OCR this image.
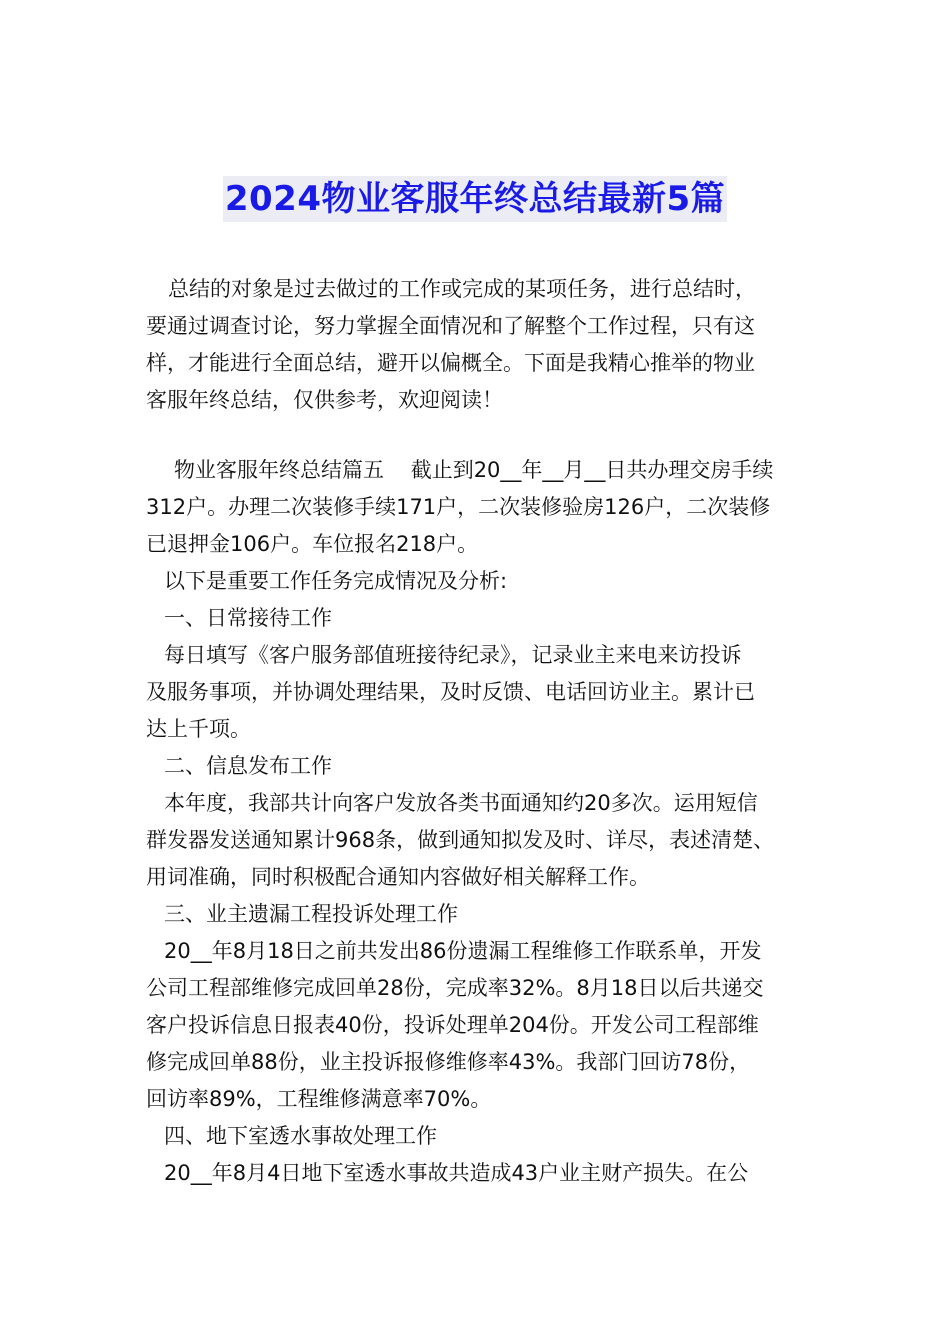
2024物业客服年终总结最新5篇
总结的对象是过去做过的工作或完成的某项任务，进行总结时，
要通过调查讨论，努力掌握全面情况和了解整个工作过程，只有这
样，才能进行全面总结，避开以偏概全。下面是我精心推举的物业
客服年终总结，仅供参考，欢迎阅读！
物业客服年终总结篇五    截止到20__年__月__日共办理交房手续
312户。办理二次装修手续171户，二次装修验房126户，二次装修
已退押金106户。车位报名218户。
以下是重要工作任务完成情况及分析:
一、日常接待工作
每日填写《客户服务部值班接待纪录》，记录业主来电来访投诉
及服务事项，并协调处理结果，及时反馈、电话回访业主。累计已
达上千项。
二、信息发布工作
本年度，我部共计向客户发放各类书面通知约20多次。运用短信
群发器发送通知累计968条，做到通知拟发及时、详尽，表述清楚、
用词准确，同时积极配合通知内容做好相关解释工作。
三、业主遗漏工程投诉处理工作
20__年8月18日之前共发出86份遗漏工程维修工作联系单，开发
公司工程部维修完成回单28份，完成率32%。8月18日以后共递交
客户投诉信息日报表40份，投诉处理单204份。开发公司工程部维
修完成回单88份，业主投诉报修维修率43%。我部门回访78份，
回访率89%，工程维修满意率70%。
四、地下室透水事故处理工作
20__年8月4日地下室透水事故共造成43户业主财产损失。在公
